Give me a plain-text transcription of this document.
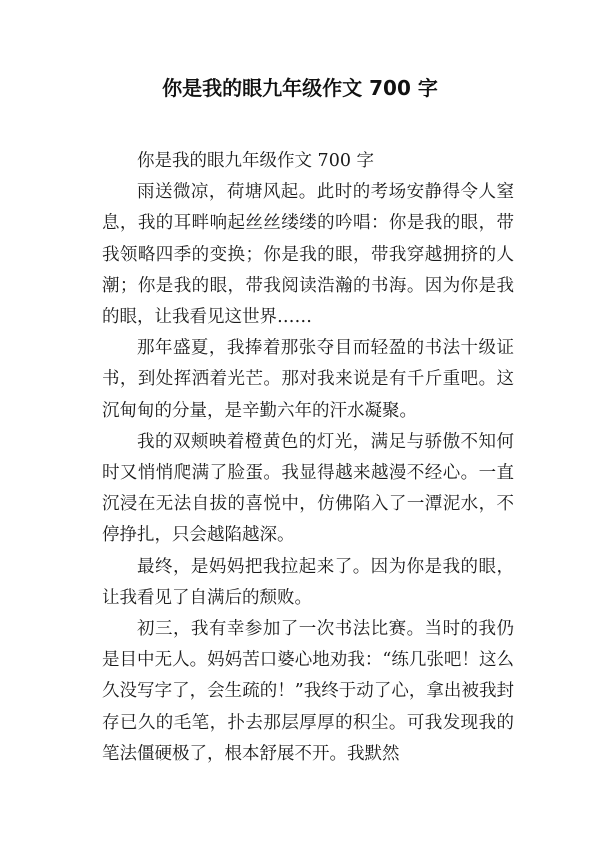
你是我的眼九年级作文 700 字

你是我的眼九年级作文 700 字

雨送微凉，荷塘风起。此时的考场安静得令人窒息，我的耳畔响起丝丝缕缕的吟唱：你是我的眼，带我领略四季的变换；你是我的眼，带我穿越拥挤的人潮；你是我的眼，带我阅读浩瀚的书海。因为你是我的眼，让我看见这世界……

那年盛夏，我捧着那张夺目而轻盈的书法十级证书，到处挥洒着光芒。那对我来说是有千斤重吧。这沉甸甸的分量，是辛勤六年的汗水凝聚。

我的双颊映着橙黄色的灯光，满足与骄傲不知何时又悄悄爬满了脸蛋。我显得越来越漫不经心。一直沉浸在无法自拔的喜悦中，仿佛陷入了一潭泥水，不停挣扎，只会越陷越深。

最终，是妈妈把我拉起来了。因为你是我的眼，让我看见了自满后的颓败。

初三，我有幸参加了一次书法比赛。当时的我仍是目中无人。妈妈苦口婆心地劝我：“练几张吧！这么久没写字了，会生疏的！”我终于动了心，拿出被我封存已久的毛笔，扑去那层厚厚的积尘。可我发现我的笔法僵硬极了，根本舒展不开。我默然
